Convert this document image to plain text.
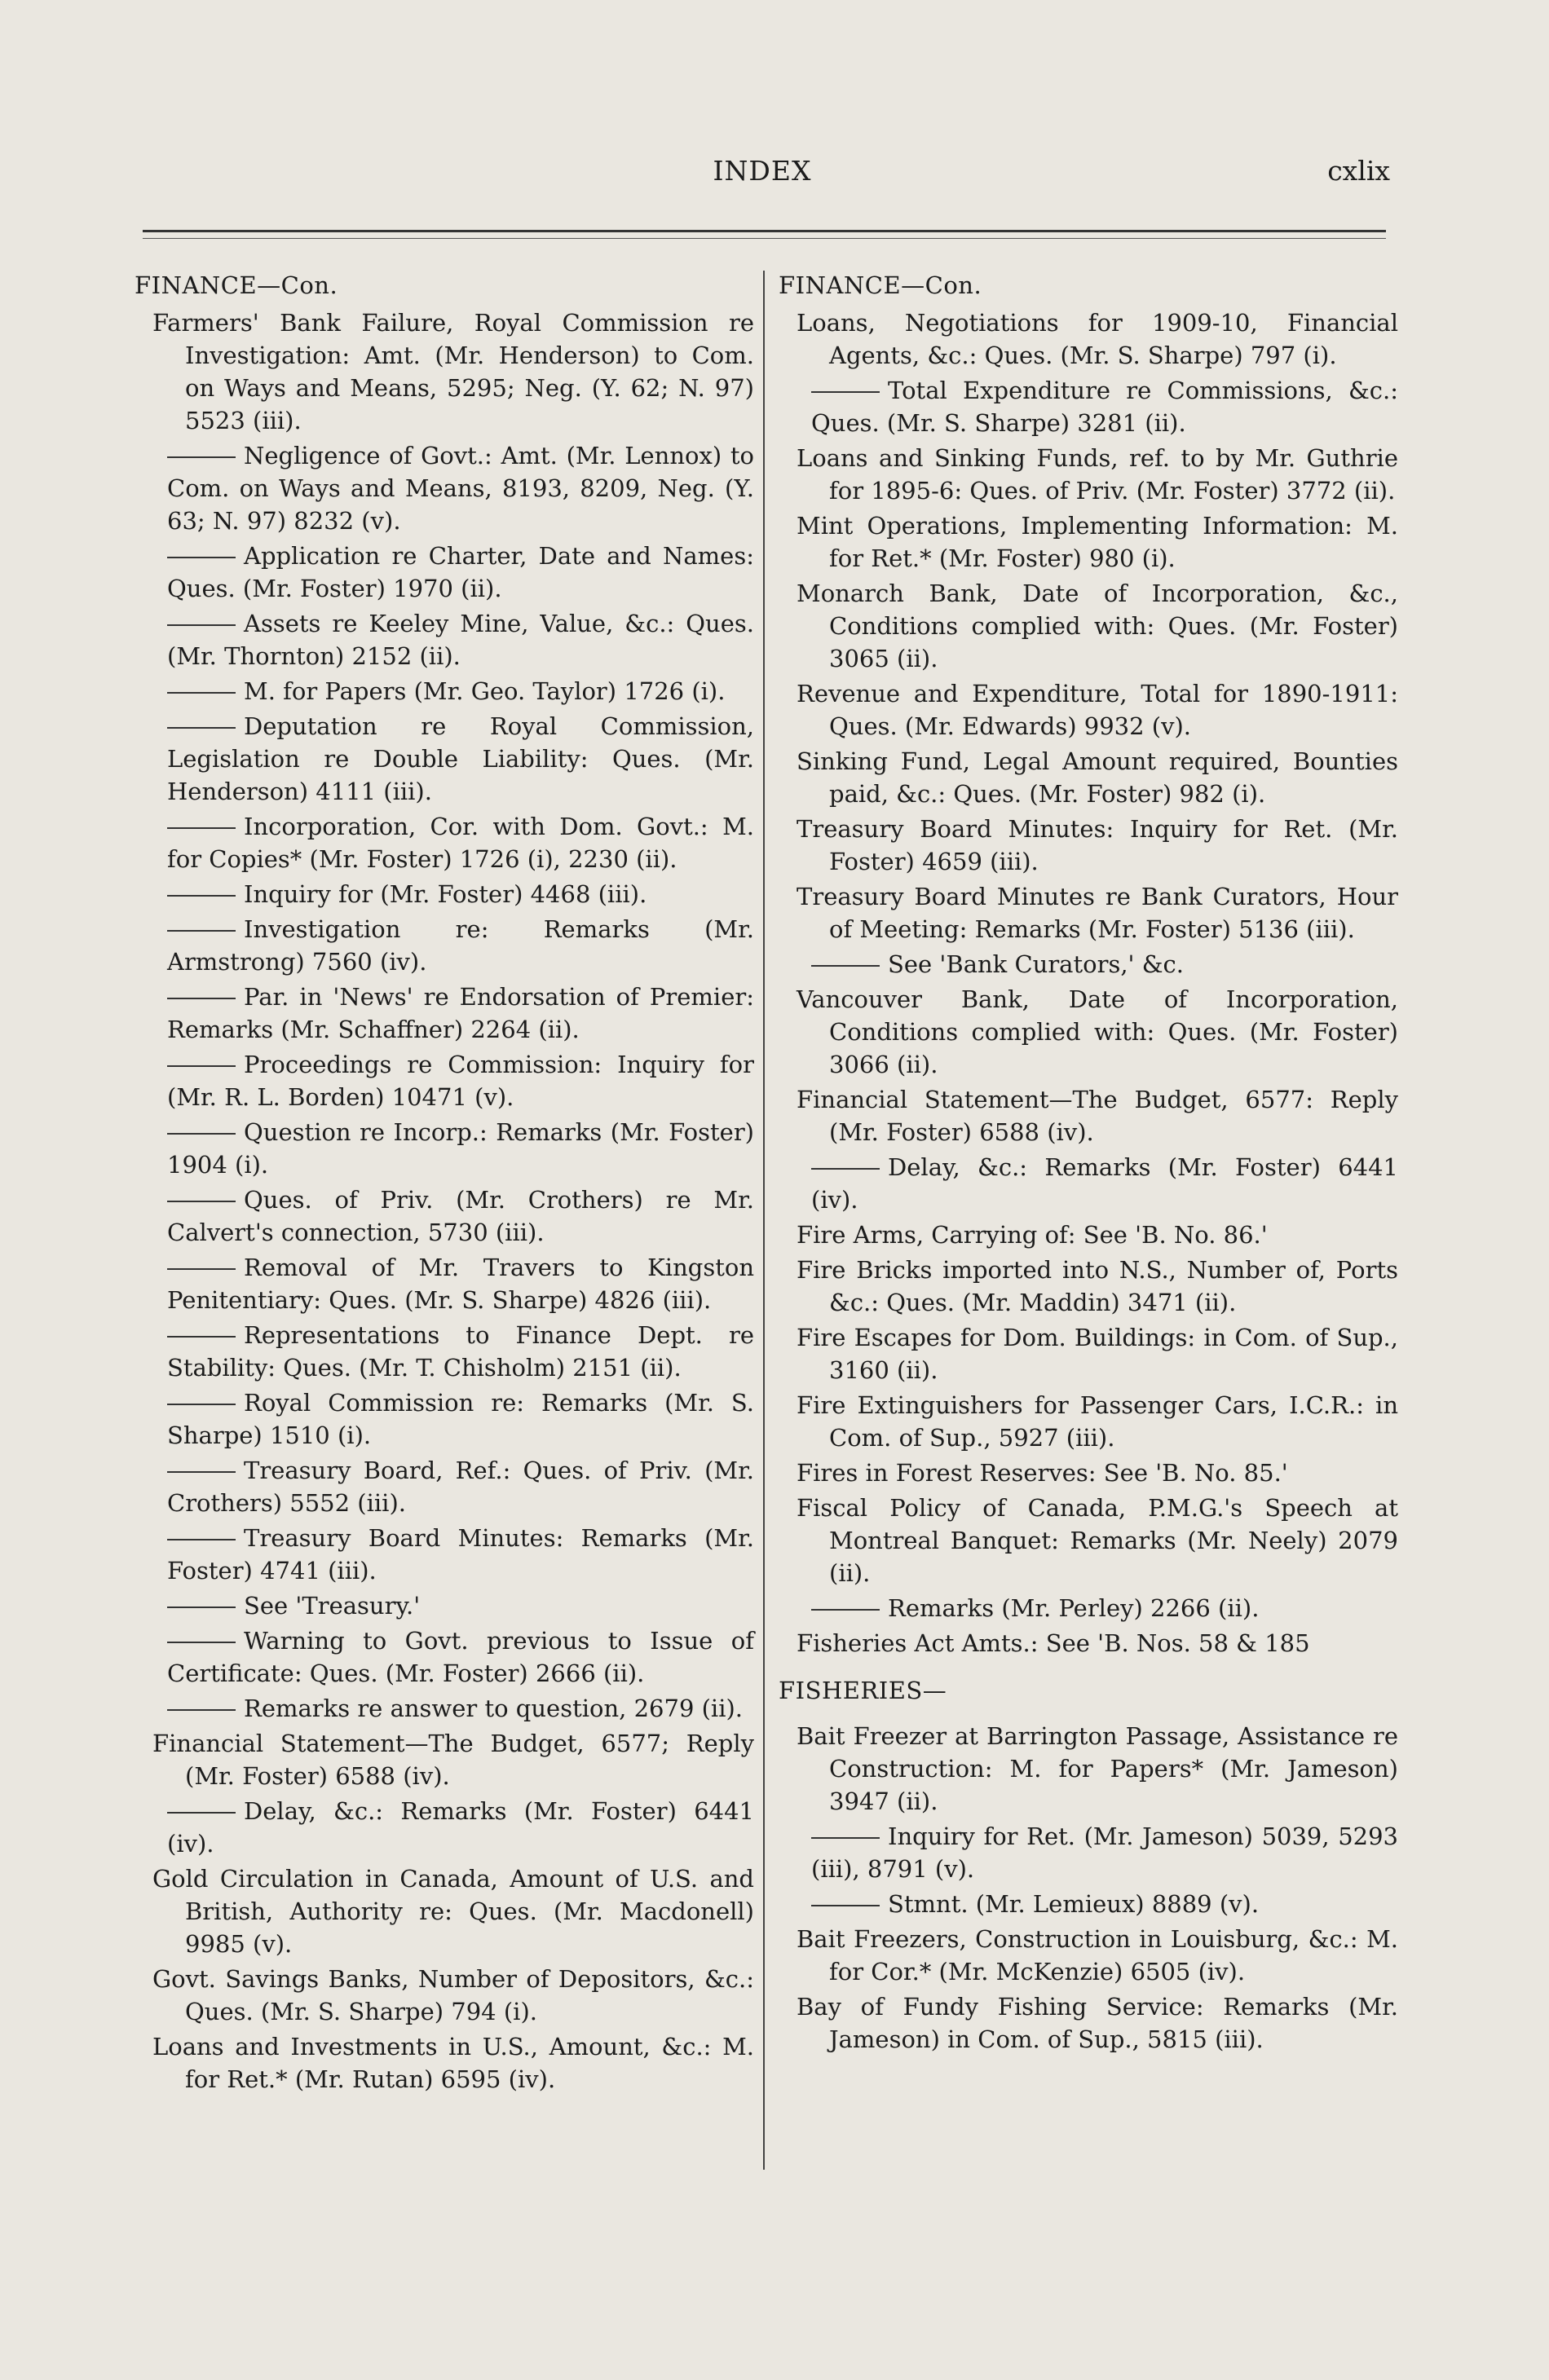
INDEX	cxlix
FINANCE—Con.

Farmers' Bank Failure, Royal Commission re Investigation: Amt. (Mr. Henderson) to Com. on Ways and Means, 5295; Neg. (Y. 62; N. 97) 5523 (iii).

Negligence of Govt.: Amt. (Mr. Lennox) to Com. on Ways and Means, 8193, 8209, Neg. (Y. 63; N. 97) 8232 (v).

Application re Charter, Date and Names: Ques. (Mr. Foster) 1970 (ii).

Assets re Keeley Mine, Value, &c.: Ques. (Mr. Thornton) 2152 (ii).

M. for Papers (Mr. Geo. Taylor) 1726 (i).

Deputation re Royal Commission, Legislation re Double Liability: Ques. (Mr. Henderson) 4111 (iii).

Incorporation, Cor. with Dom. Govt.: M. for Copies* (Mr. Foster) 1726 (i), 2230 (ii).

Inquiry for (Mr. Foster) 4468 (iii).

Investigation re: Remarks (Mr. Armstrong) 7560 (iv).

Par. in 'News' re Endorsation of Premier: Remarks (Mr. Schaffner) 2264 (ii).

Proceedings re Commission: Inquiry for (Mr. R. L. Borden) 10471 (v).

Question re Incorp.: Remarks (Mr. Foster) 1904 (i).

Ques. of Priv. (Mr. Crothers) re Mr. Calvert's connection, 5730 (iii).

Removal of Mr. Travers to Kingston Penitentiary: Ques. (Mr. S. Sharpe) 4826 (iii).

Representations to Finance Dept. re Stability: Ques. (Mr. T. Chisholm) 2151 (ii).

Royal Commission re: Remarks (Mr. S. Sharpe) 1510 (i).

Treasury Board, Ref.: Ques. of Priv. (Mr. Crothers) 5552 (iii).

Treasury Board Minutes: Remarks (Mr. Foster) 4741 (iii).

See 'Treasury.'

Warning to Govt. previous to Issue of Certificate: Ques. (Mr. Foster) 2666 (ii).

Remarks re answer to question, 2679 (ii).

Financial Statement—The Budget, 6577; Reply (Mr. Foster) 6588 (iv).

Delay, &c.: Remarks (Mr. Foster) 6441 (iv).

Gold Circulation in Canada, Amount of U.S. and British, Authority re: Ques. (Mr. Macdonell) 9985 (v).

Govt. Savings Banks, Number of Depositors, &c.: Ques. (Mr. S. Sharpe) 794 (i).

Loans and Investments in U.S., Amount, &c.: M. for Ret.* (Mr. Rutan) 6595 (iv).

FINANCE—Con.

Loans, Negotiations for 1909-10, Financial Agents, &c.: Ques. (Mr. S. Sharpe) 797 (i).

Total Expenditure re Commissions, &c.: Ques. (Mr. S. Sharpe) 3281 (ii).

Loans and Sinking Funds, ref. to by Mr. Guthrie for 1895-6: Ques. of Priv. (Mr. Foster) 3772 (ii).

Mint Operations, Implementing Information: M. for Ret.* (Mr. Foster) 980 (i).

Monarch Bank, Date of Incorporation, &c., Conditions complied with: Ques. (Mr. Foster) 3065 (ii).

Revenue and Expenditure, Total for 1890-1911: Ques. (Mr. Edwards) 9932 (v).

Sinking Fund, Legal Amount required, Bounties paid, &c.: Ques. (Mr. Foster) 982 (i).

Treasury Board Minutes: Inquiry for Ret. (Mr. Foster) 4659 (iii).

Treasury Board Minutes re Bank Curators, Hour of Meeting: Remarks (Mr. Foster) 5136 (iii).

See 'Bank Curators,' &c.

Vancouver Bank, Date of Incorporation, Conditions complied with: Ques. (Mr. Foster) 3066 (ii).

Financial Statement—The Budget, 6577: Reply (Mr. Foster) 6588 (iv).

Delay, &c.: Remarks (Mr. Foster) 6441 (iv).

Fire Arms, Carrying of: See 'B. No. 86.'

Fire Bricks imported into N.S., Number of, Ports &c.: Ques. (Mr. Maddin) 3471 (ii).

Fire Escapes for Dom. Buildings: in Com. of Sup., 3160 (ii).

Fire Extinguishers for Passenger Cars, I.C.R.: in Com. of Sup., 5927 (iii).

Fires in Forest Reserves: See 'B. No. 85.'

Fiscal Policy of Canada, P.M.G.'s Speech at Montreal Banquet: Remarks (Mr. Neely) 2079 (ii).

Remarks (Mr. Perley) 2266 (ii).

Fisheries Act Amts.: See 'B. Nos. 58 & 185

FISHERIES—

Bait Freezer at Barrington Passage, Assistance re Construction: M. for Papers* (Mr. Jameson) 3947 (ii).

Inquiry for Ret. (Mr. Jameson) 5039, 5293 (iii), 8791 (v).

Stmnt. (Mr. Lemieux) 8889 (v).

Bait Freezers, Construction in Louisburg, &c.: M. for Cor.* (Mr. McKenzie) 6505 (iv).

Bay of Fundy Fishing Service: Remarks (Mr. Jameson) in Com. of Sup., 5815 (iii).
